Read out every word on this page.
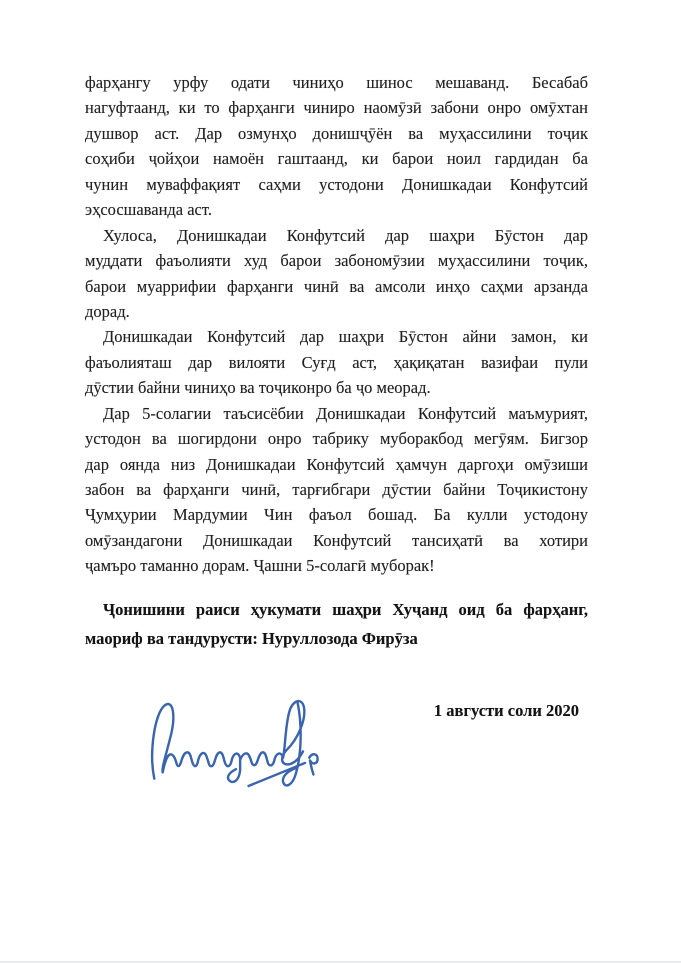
фарҳангу урфу одати чиниҳо шинос мешаванд. Бесабаб
нагуфтаанд, ки то фарҳанги чиниро наомӯзӣ забони онро омӯхтан
душвор аст. Дар озмунҳо донишҷӯён ва муҳассилини тоҷик
соҳиби ҷойҳои намоён гаштаанд, ки барои ноил гардидан ба
чунин муваффақият саҳми устодони Донишкадаи Конфутсий
эҳсосшаванда аст.
Хулоса, Донишкадаи Конфутсий дар шаҳри Бӯстон дар
муддати фаъолияти худ барои забономӯзии муҳассилини тоҷик,
барои муаррифии фарҳанги чинӣ ва амсоли инҳо саҳми арзанда
дорад.
Донишкадаи Конфутсий дар шаҳри Бӯстон айни замон, ки
фаъолияташ дар вилояти Суғд аст, ҳақиқатан вазифаи пули
дӯстии байни чиниҳо ва тоҷиконро ба ҷо меорад.
Дар 5-солагии таъсисёбии Донишкадаи Конфутсий маъмурият,
устодон ва шогирдони онро табрику муборакбод мегӯям. Бигзор
дар оянда низ Донишкадаи Конфутсий ҳамчун даргоҳи омӯзиши
забон ва фарҳанги чинӣ, тарғибгари дӯстии байни Тоҷикистону
Ҷумҳурии Мардумии Чин фаъол бошад. Ба кулли устодону
омӯзандагони Донишкадаи Конфутсий тансиҳатӣ ва хотири
ҷамъро таманно дорам. Ҷашни 5-солагӣ муборак!
Ҷонишини раиси ҳукумати шаҳри Хуҷанд оид ба фарҳанг,
маориф ва тандурусти: Нуруллозода Фирӯза
1 августи соли 2020
